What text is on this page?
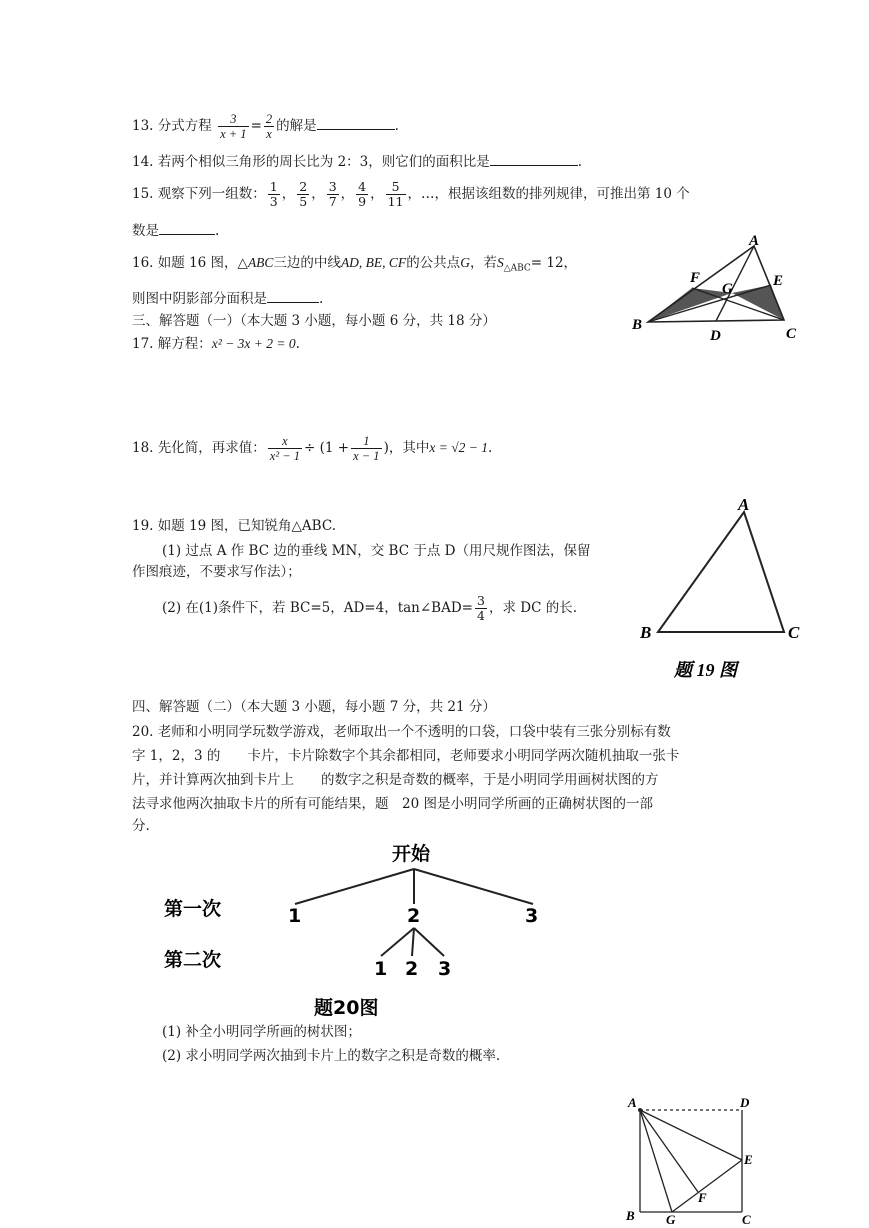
13. 分式方程 $\frac{3}{x + 1} = \frac{2}{x}$ 的解是	.
14. 若两个相似三角形的周长比为 2：3，则它们的面积比是	.
15. 观察下列一组数： $\frac{1}{3}$ ， $\frac{2}{5}$ ， $\frac{3}{7}$ ， $\frac{4}{9}$ ， $\frac{5}{11}$ ，…，根据该组数的排列规律，可推出第 10 个
数是	.
16. 如题 16 图，△ABC三边的中线AD, BE, CF的公共点G，若$S_{\triangle ABC}= 12$，
则图中阴影部分面积是	.
A
B
C
D
E
F
G
三、解答题（一）（本大题 3 小题，每小题 6 分，共 18 分）
17. 解方程：x² − 3x + 2 = 0.
18. 先化简，再求值： $\frac{x}{\text{x² − 1}} \div (1 + \frac{1}{x - 1}$ )，其中x = √2 − 1.
19. 如题 19 图，已知锐角△ABC.
(1) 过点 A 作 BC 边的垂线 MN，交 BC 于点 D（用尺规作图法，保留
作图痕迹，不要求写作法）；
(2) 在(1)条件下，若 BC=5，AD=4，tan∠BAD= $\frac{3}{4}$ ，求 DC 的长.
A
B	C
题 19 图
四、解答题（二）（本大题 3 小题，每小题 7 分，共 21 分）
20. 老师和小明同学玩数学游戏，老师取出一个不透明的口袋，口袋中装有三张分别标有数
字 1，2，3 的　　卡片，卡片除数字个其余都相同，老师要求小明同学两次随机抽取一张卡
片，并计算两次抽到卡片上　　的数字之积是奇数的概率，于是小明同学用画树状图的方
法寻求他两次抽取卡片的所有可能结果，题　20 图是小明同学所画的正确树状图的一部
分.
开始
第一次
第二次
1	2	3
1 2 3
题20图
(1) 补全小明同学所画的树状图；
(2) 求小明同学两次抽到卡片上的数字之积是奇数的概率.
A	D
E
F
B G	C
